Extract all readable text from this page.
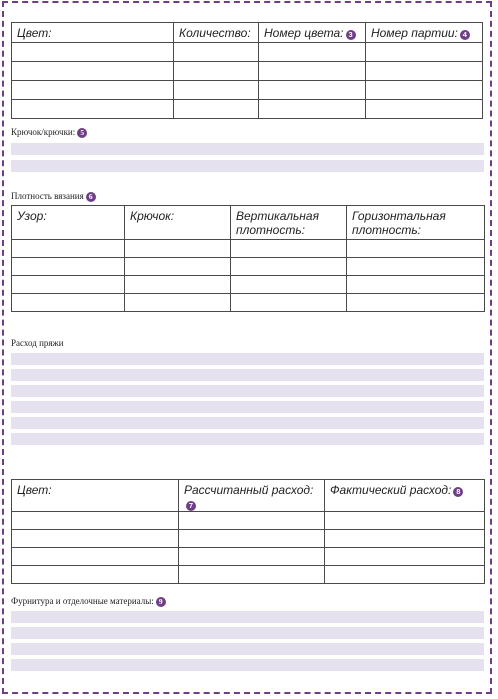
Цвет:	Количество:	Номер цвета: 3	Номер партии: 4

Крючок/крючки: 5
Плотность вязания 6
Узор:	Крючок:	Вертикальная плотность:	Горизонтальная плотность:

Расход пряжи
Цвет:	Рассчитанный расход:7	Фактический расход: 8

Фурнитура и отделочные материалы: 9
